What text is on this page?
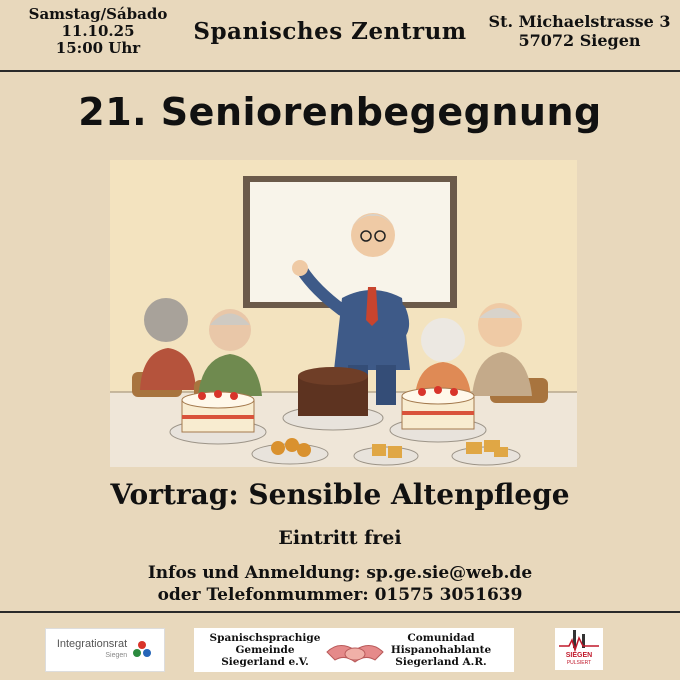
Samstag/Sábado
11.10.25
15:00 Uhr
Spanisches Zentrum	St. Michaelstrasse 3
57072 Siegen
21. Seniorenbegegnung
Vortrag: Sensible Altenpflege
Eintritt frei
Infos und Anmeldung: sp.ge.sie@web.de
oder Telefonmummer: 01575 3051639
Integrationsrat
Siegen
Spanischsprachige
Gemeinde
Siegerland e.V.
Comunidad
Hispanohablante
Siegerland A.R.
SIEGEN
PULSIERT
